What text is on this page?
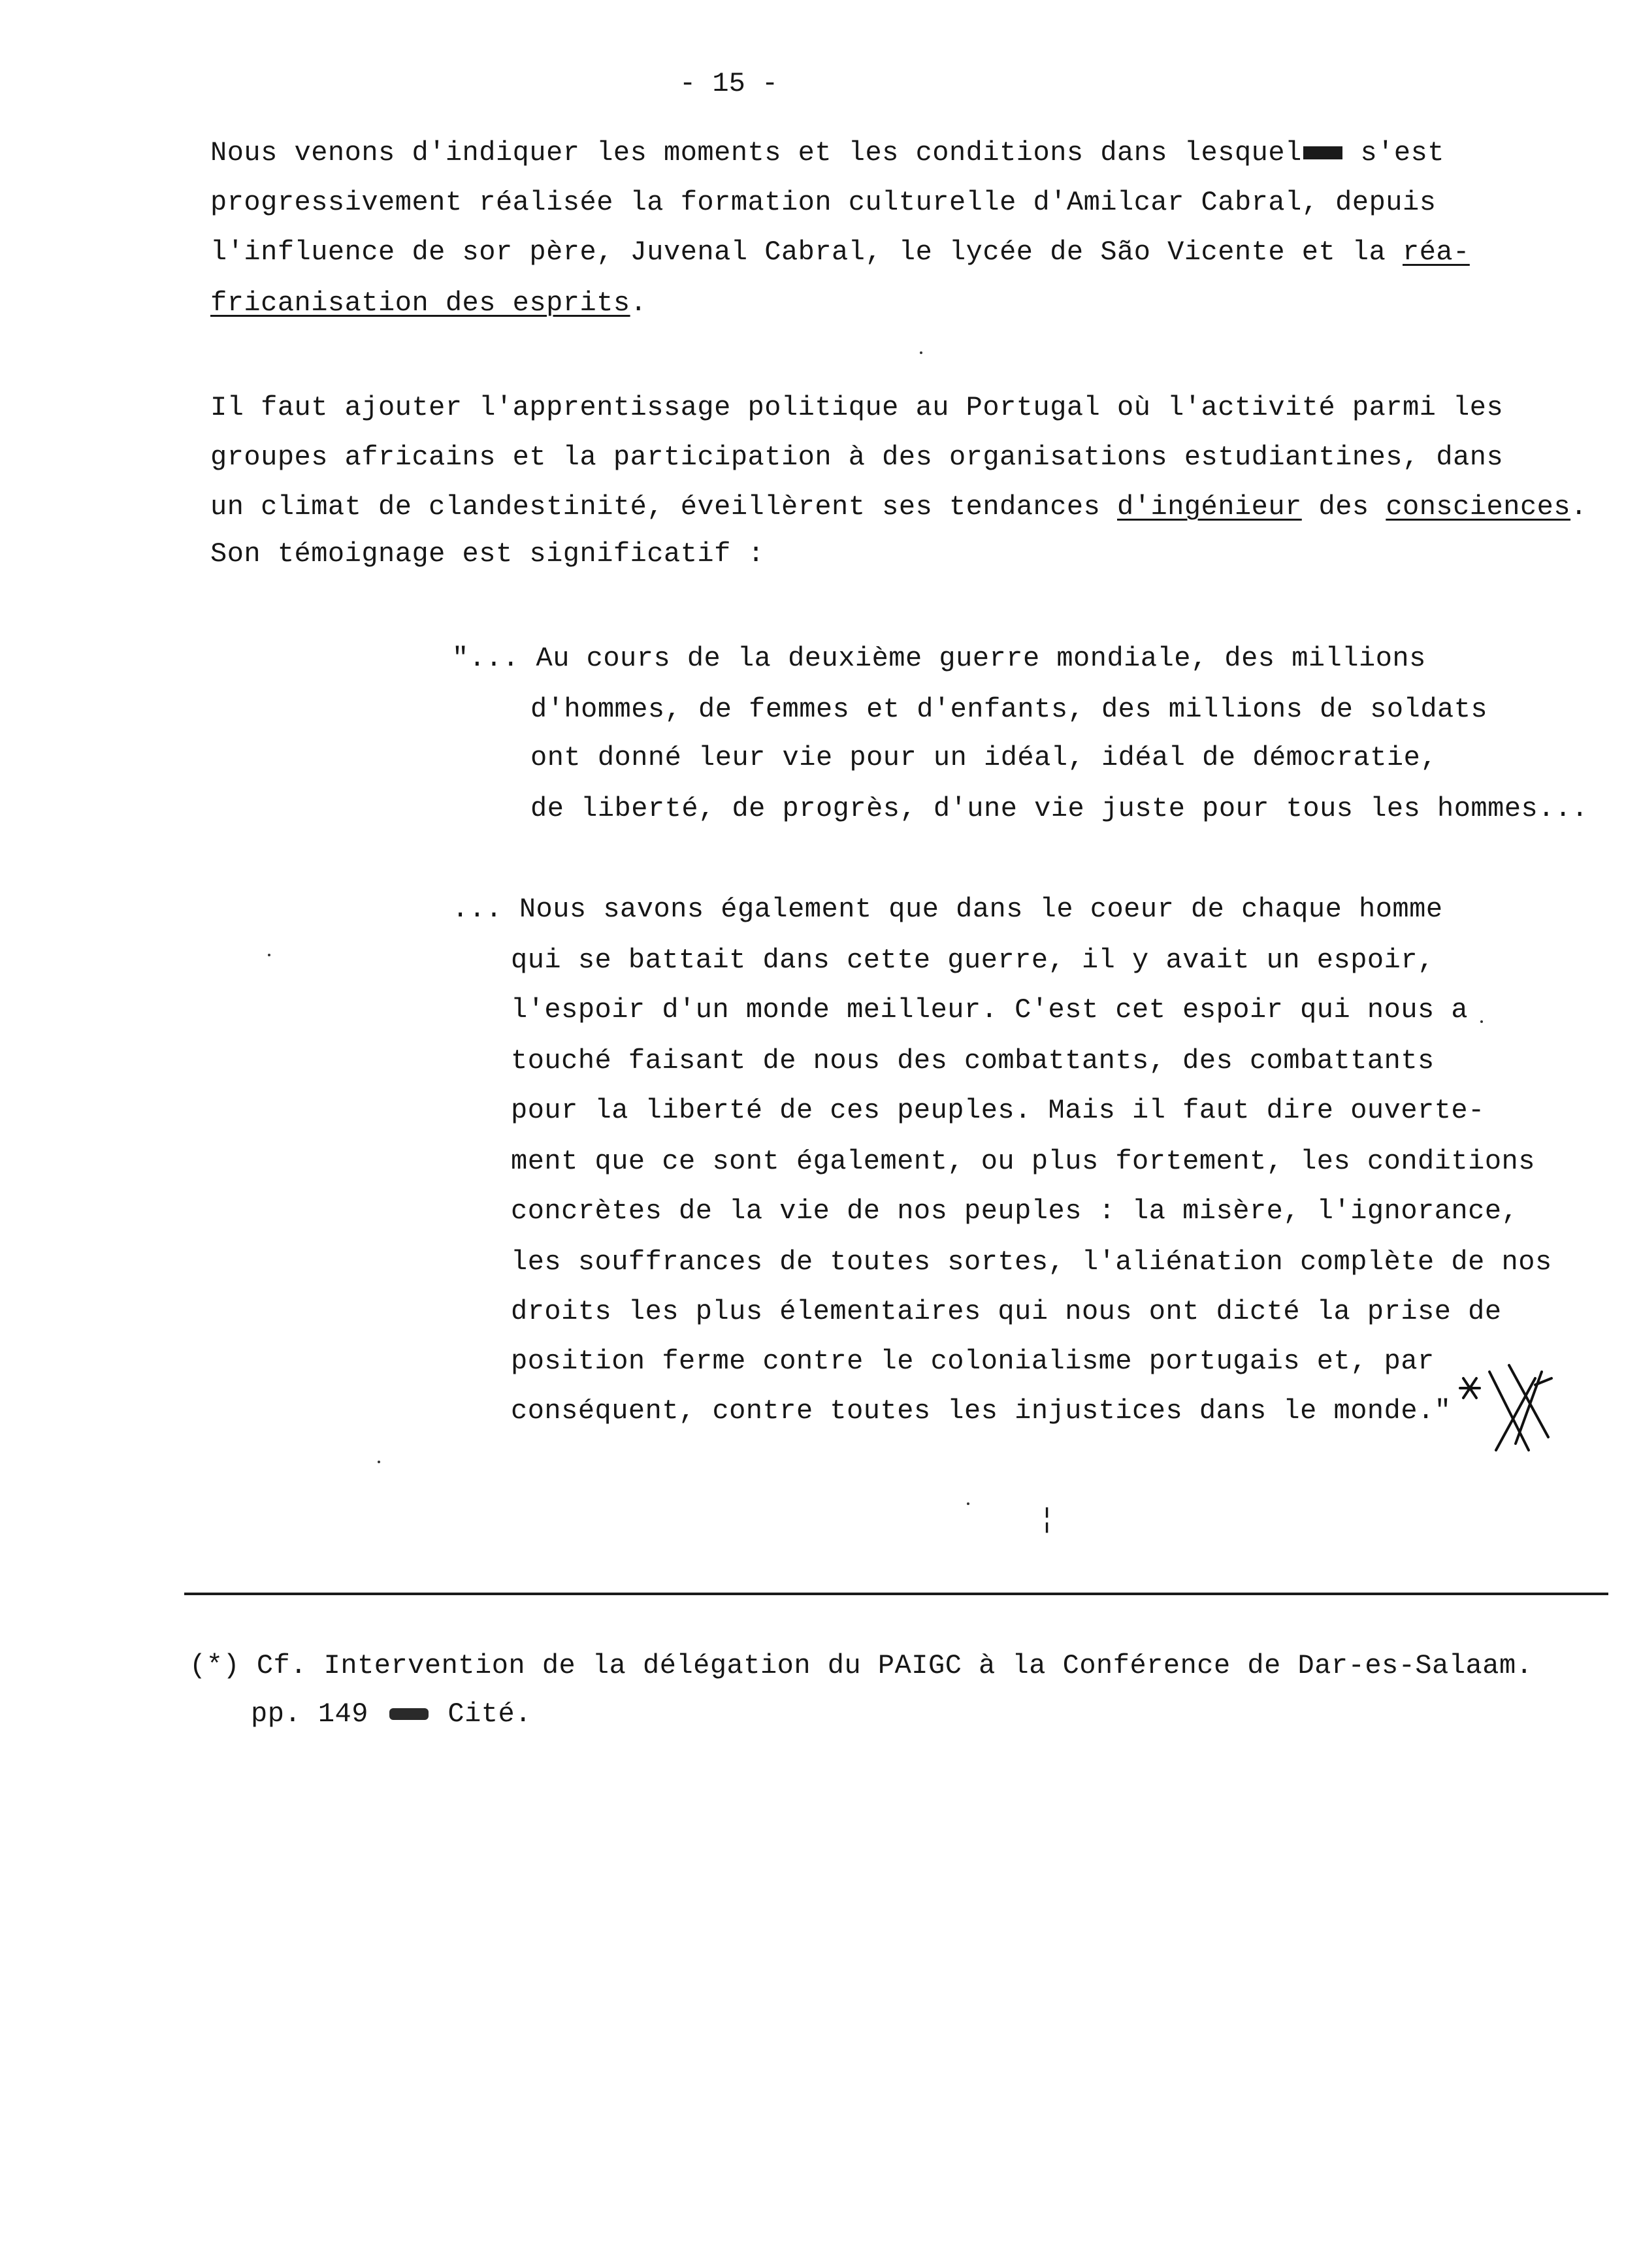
- 15 -
Nous venons d'indiquer les moments et les conditions dans lesquel s'est
progressivement réalisée la formation culturelle d'Amilcar Cabral, depuis
l'influence de sor père, Juvenal Cabral, le lycée de São Vicente et la réa-
fricanisation des esprits.
Il faut ajouter l'apprentissage politique au Portugal où l'activité parmi les
groupes africains et la participation à des organisations estudiantines, dans
un climat de clandestinité, éveillèrent ses tendances d'ingénieur des consciences.
Son témoignage est significatif :
"... Au cours de la deuxième guerre mondiale, des millions
d'hommes, de femmes et d'enfants, des millions de soldats
ont donné leur vie pour un idéal, idéal de démocratie,
de liberté, de progrès, d'une vie juste pour tous les hommes...
... Nous savons également que dans le coeur de chaque homme
qui se battait dans cette guerre, il y avait un espoir,
l'espoir d'un monde meilleur. C'est cet espoir qui nous a
touché faisant de nous des combattants, des combattants
pour la liberté de ces peuples. Mais il faut dire ouverte-
ment que ce sont également, ou plus fortement, les conditions
concrètes de la vie de nos peuples : la misère, l'ignorance,
les souffrances de toutes sortes, l'aliénation complète de nos
droits les plus élementaires qui nous ont dicté la prise de
position ferme contre le colonialisme portugais et, par
conséquent, contre toutes les injustices dans le monde."
¦
(*) Cf. Intervention de la délégation du PAIGC à la Conférence de Dar-es-Salaam.
pp. 149  Cité.
